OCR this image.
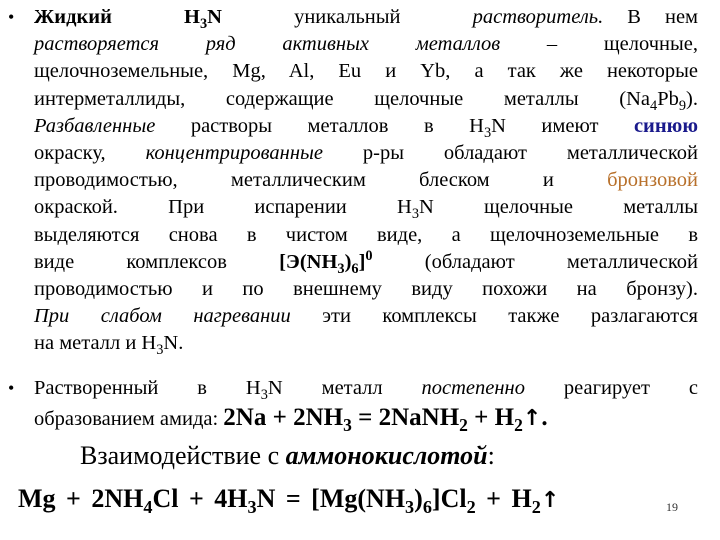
• Жидкий	$H_3N$   уникальный   растворитель. В нем
растворяется ряд активных металлов – щелочные,
щелочноземельные, Mg, Al, Eu и Yb, а так же некоторые
интерметаллиды, содержащие щелочные металлы $(Na_4Pb_9)$.
Разбавленные растворы металлов в $H_3N$ имеют синюю
окраску, концентрированные р-ры обладают металлической
проводимостью, металлическим блеском и бронзовой
окраской. При испарении $H_3N$ щелочные металлы
выделяются снова в чистом виде, а щелочноземельные в
виде комплексов $[Э(NH_3)_6]^0$ (обладают металлической
проводимостью и по внешнему виду похожи на бронзу).
При слабом нагревании эти комплексы также разлагаются
на металл и $H_3N$.
• Растворенный в $H_3N$ металл постепенно реагирует с
образованием амида: $2Na + 2NH_3$ = 2NaNH$_2$ + $H_2↑$.
Взаимодействие с аммонокислотой:
$Mg + 2NH_4Cl + 4H_3N = [Mg(NH_3)_6]Cl_2$ + $H_2↑$	19
